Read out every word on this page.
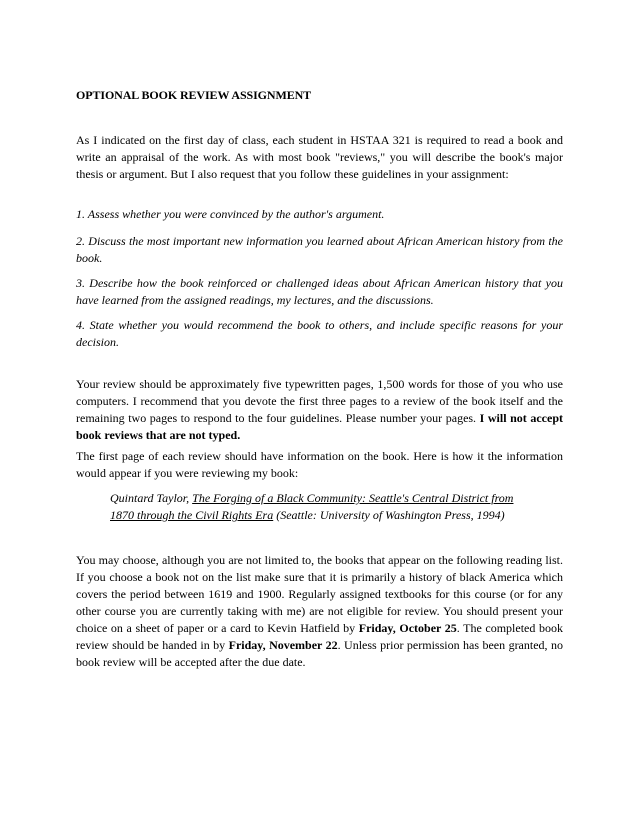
OPTIONAL BOOK REVIEW ASSIGNMENT

As I indicated on the first day of class, each student in HSTAA 321 is required to read a book and write an appraisal of the work. As with most book "reviews," you will describe the book's major thesis or argument. But I also request that you follow these guidelines in your assignment:

1. Assess whether you were convinced by the author's argument.

2. Discuss the most important new information you learned about African American history from the book.

3. Describe how the book reinforced or challenged ideas about African American history that you have learned from the assigned readings, my lectures, and the discussions.

4. State whether you would recommend the book to others, and include specific reasons for your decision.

Your review should be approximately five typewritten pages, 1,500 words for those of you who use computers. I recommend that you devote the first three pages to a review of the book itself and the remaining two pages to respond to the four guidelines. Please number your pages. I will not accept book reviews that are not typed.

The first page of each review should have information on the book. Here is how it the information would appear if you were reviewing my book:

Quintard Taylor, The Forging of a Black Community: Seattle's Central District from 1870 through the Civil Rights Era (Seattle: University of Washington Press, 1994)

You may choose, although you are not limited to, the books that appear on the following reading list. If you choose a book not on the list make sure that it is primarily a history of black America which covers the period between 1619 and 1900. Regularly assigned textbooks for this course (or for any other course you are currently taking with me) are not eligible for review. You should present your choice on a sheet of paper or a card to Kevin Hatfield by Friday, October 25. The completed book review should be handed in by Friday, November 22. Unless prior permission has been granted, no book review will be accepted after the due date.
